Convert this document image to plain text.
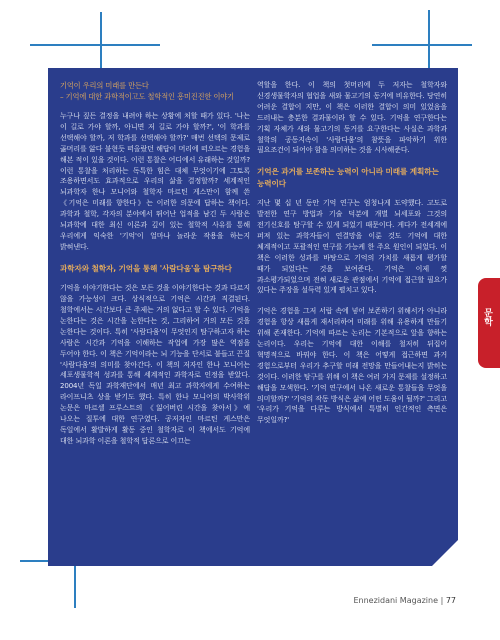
기억이 우리의 미래를 만든다
– 기억에 대한 과학적이고도 철학적인 흥미진진한 이야기

누구나 짚든 결정을 내려야 하는 상황에 처할 때가 있다. '나는 이 길로 가야 할까, 아니면 저 길로 가야 할까?', '이 학과를 선택해야 할까, 저 학과를 선택해야 할까?' 매번 선택의 문제로 곯머리를 앓다 불현듯 떠올랐던 해답이 머리에 떠오르는 경험을 해본 적이 있을 것이다. 이런 통찰은 어디에서 유래하는 것일까? 이런 통찰을 처리하는 독특한 힘은 대체 무엇이기에 그토록 조용하면서도 효과적으로 우리의 삶을 결정할까? 세계적인 뇌과학자 한나 모니어와 철학자 마르틴 게스만이 함께 쓴 《기억은 미래를 향한다》는 이러한 의문에 답하는 책이다. 과학과 철학, 각자의 분야에서 뛰어난 업적을 남긴 두 사람은 뇌과학에 대한 최신 이론과 깊이 있는 철학적 사유를 통해 우리에게 익숙한 '기억'이 얼마나 놀라운 작용을 하는지 밝혀낸다.

과학자와 철학자, 기억을 통해 '사람다움'을 탐구하다

기억을 이야기한다는 것은 모든 것을 이야기한다는 것과 다르지 않을 가능성이 크다. 상식적으로 기억은 시간과 직결된다. 철학에서는 시간보다 큰 주제는 거의 없다고 할 수 있다. 기억을 논한다는 것은 시간을 논한다는 것, 그리하여 거의 모든 것을 논한다는 것이다. 특히 '사람다움'이 무엇인지 탐구하고자 하는 사람은 시간과 기억을 이해하는 작업에 가장 많은 역점을 두어야 한다. 이 책은 기억이라는 뇌 기능을 단서로 불들고 끈질 '사람다움'의 의미를 찾아간다. 이 책의 저자인 한나 모니어는 세포생물학적 성과를 통해 세계적인 과학자로 인정을 받았다. 2004년 독일 과학재단에서 매년 최고 과학자에게 수여하는 라이프니츠 상을 받기도 했다. 특히 한나 모니어의 박사학위 논문은 마르셀 프루스트의 《잃어버린 시간을 찾아서》에 나오는 질투에 대한 연구였다. 공저자인 마르틴 게스만은 독일에서 활발하게 활동 중인 철학자로 이 책에서도 기억에 대한 뇌과학 이론을 철학적 답론으로 이끄는

역할을 한다. 이 책의 첫머리에 두 저자는 철학자와 신경생물학자의 협업을 새와 물고기의 동거에 비유한다. 당연히 어려운 결합이 지만, 이 책은 이러한 결합이 의미 있었음을 드러내는 충분한 결과물이라 할 수 있다. 기억을 연구한다는 기획 자체가 새와 물고기의 동거를 요구한다는 사실은 과학과 철학의 공동지속이 '사람다움'의 참뜻을 파악하기 위한 필요조건이 되어야 함을 의미하는 것을 시사해준다.

기억은 과거를 보존하는 능력이 아니라 미래를 계획하는 능력이다

지난 몇 십 년 동안 기억 연구는 엄청나게 도약했다. 고도로 발전한 연구 방법과 기술 덕분에 개별 뇌세포와 그것의 전기신호를 탐구할 수 있게 되었기 때문이다. 게다가 전세계에 퍼져 있는 과학자들이 연결망을 이룬 것도 기억에 대한 체계적이고 포괄적인 연구를 가능케 한 주요 원인이 되었다. 이 책은 이러한 성과를 바탕으로 기억의 가치를 새롭게 평가할 때가 되었다는 것을 보여준다. 기억은 이제 껏 과소평가되었으며 전혀 새로운 관점에서 기억에 접근할 필요가 있다는 주장을 설득력 있게 펼치고 있다.

기억은 경험을 그저 서랍 속에 넣어 보존하기 위해서가 아니라 경험을 항상 새롭게 재서리하여 미래를 위해 유용하게 만들기 위해 존재한다. 기억에 따르는 논리는 기본적으로 앞을 향하는 논리이다. 우리는 기억에 대한 이해를 철저히 뒤집어 혁명적으로 바꿔야 한다. 이 책은 어떻게 접근하면 과거 경험으로부터 우리가 추구할 미래 전망을 만들어내는지 밝히는 것이다. 이러한 탐구를 위해 이 책은 여러 가지 문제를 설정하고 해답을 모색한다. '기억 연구에서 나온 새로운 통찰들을 무엇을 의미할까?' '기억의 작동 방식은 삶에 어떤 도움이 될까?' 그리고 '우리가 기억을 다루는 방식에서 특별히 인간적인 측면은 무엇일까?'

문학
Ennezidani Magazine | 77
